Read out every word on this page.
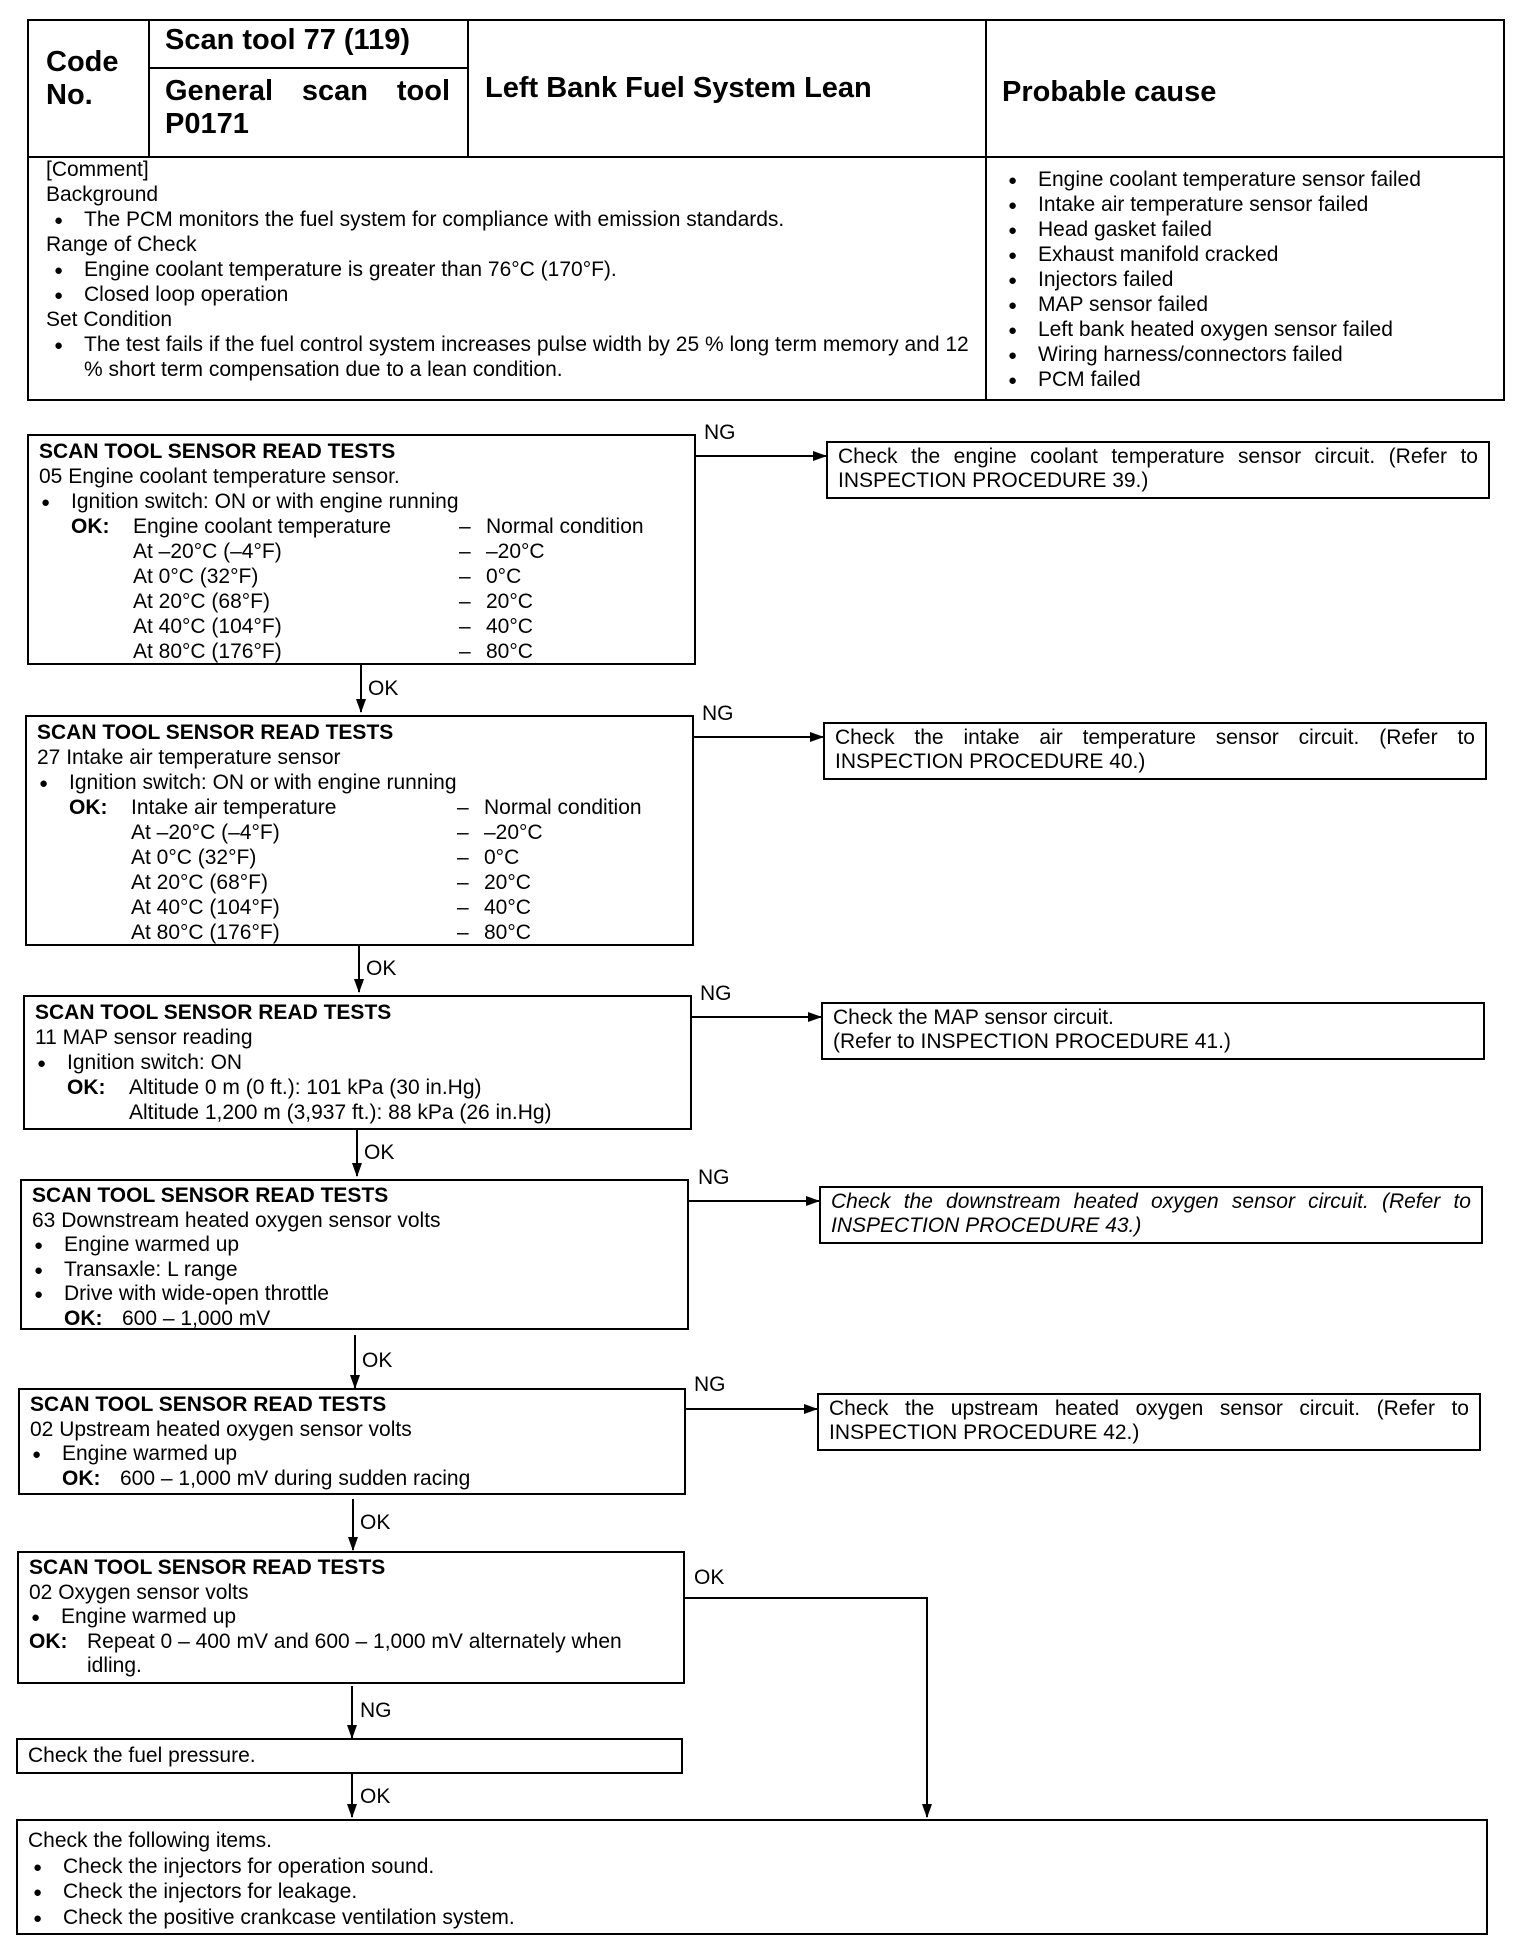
Code No.
Scan tool 77 (119)
General scan tool P0171
Left Bank Fuel System Lean	Probable cause
[Comment]
Background
● The PCM monitors the fuel system for compliance with emission standards.
Range of Check
● Engine coolant temperature is greater than 76°C (170°F).
● Closed loop operation
Set Condition
● The test fails if the fuel control system increases pulse width by 25 % long term memory and 12 % short term compensation due to a lean condition.
● Engine coolant temperature sensor failed
● Intake air temperature sensor failed
● Head gasket failed
● Exhaust manifold cracked
● Injectors failed
● MAP sensor failed
● Left bank heated oxygen sensor failed
● Wiring harness/connectors failed
● PCM failed
NG
NG
NG
NG
NG
OK
OK
OK
OK
OK
OK
NG
OK
SCAN TOOL SENSOR READ TESTS
05 Engine coolant temperature sensor.
● Ignition switch: ON or with engine running
OK: Engine coolant temperature	– Normal condition
At –20°C (–4°F)	– –20°C
At 0°C (32°F)	– 0°C
At 20°C (68°F)	– 20°C
At 40°C (104°F)	– 40°C
At 80°C (176°F)	– 80°C
Check the engine coolant temperature sensor circuit. (Refer to INSPECTION PROCEDURE 39.)
SCAN TOOL SENSOR READ TESTS
27 Intake air temperature sensor
● Ignition switch: ON or with engine running
OK: Intake air temperature	– Normal condition
At –20°C (–4°F)	– –20°C
At 0°C (32°F)	– 0°C
At 20°C (68°F)	– 20°C
At 40°C (104°F)	– 40°C
At 80°C (176°F)	– 80°C
Check the intake air temperature sensor circuit. (Refer to INSPECTION PROCEDURE 40.)
SCAN TOOL SENSOR READ TESTS
11 MAP sensor reading
● Ignition switch: ON
OK: Altitude 0 m (0 ft.): 101 kPa (30 in.Hg)
Altitude 1,200 m (3,937 ft.): 88 kPa (26 in.Hg)
Check the MAP sensor circuit.
(Refer to INSPECTION PROCEDURE 41.)
SCAN TOOL SENSOR READ TESTS
63 Downstream heated oxygen sensor volts
● Engine warmed up
● Transaxle: L range
● Drive with wide-open throttle
OK: 600 – 1,000 mV
Check the downstream heated oxygen sensor circuit. (Refer to INSPECTION PROCEDURE 43.)
SCAN TOOL SENSOR READ TESTS
02 Upstream heated oxygen sensor volts
● Engine warmed up
OK: 600 – 1,000 mV during sudden racing
Check the upstream heated oxygen sensor circuit. (Refer to INSPECTION PROCEDURE 42.)
SCAN TOOL SENSOR READ TESTS
02 Oxygen sensor volts
● Engine warmed up
OK: Repeat 0 – 400 mV and 600 – 1,000 mV alternately when idling.
Check the fuel pressure.
Check the following items.
● Check the injectors for operation sound.
● Check the injectors for leakage.
● Check the positive crankcase ventilation system.
